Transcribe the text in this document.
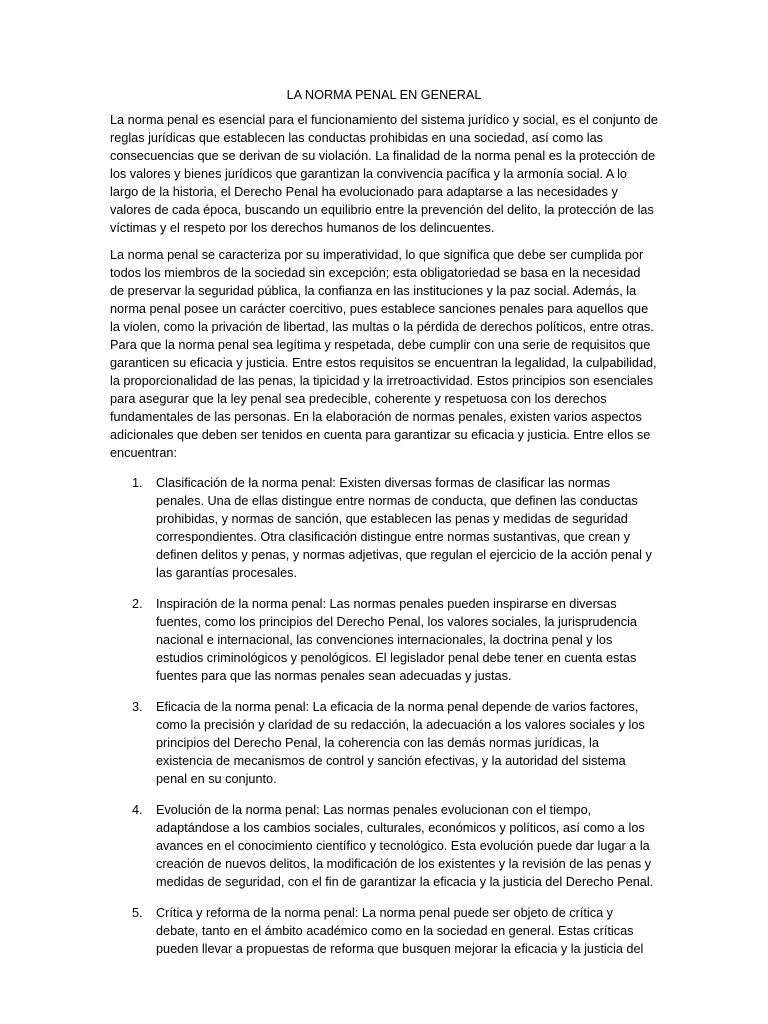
LA NORMA PENAL EN GENERAL

La norma penal es esencial para el funcionamiento del sistema jurídico y social, es el conjunto de reglas jurídicas que establecen las conductas prohibidas en una sociedad, así como las consecuencias que se derivan de su violación. La finalidad de la norma penal es la protección de los valores y bienes jurídicos que garantizan la convivencia pacífica y la armonía social. A lo largo de la historia, el Derecho Penal ha evolucionado para adaptarse a las necesidades y valores de cada época, buscando un equilibrio entre la prevención del delito, la protección de las víctimas y el respeto por los derechos humanos de los delincuentes.

La norma penal se caracteriza por su imperatividad, lo que significa que debe ser cumplida por todos los miembros de la sociedad sin excepción; esta obligatoriedad se basa en la necesidad de preservar la seguridad pública, la confianza en las instituciones y la paz social. Además, la norma penal posee un carácter coercitivo, pues establece sanciones penales para aquellos que la violen, como la privación de libertad, las multas o la pérdida de derechos políticos, entre otras. Para que la norma penal sea legítima y respetada, debe cumplir con una serie de requisitos que garanticen su eficacia y justicia. Entre estos requisitos se encuentran la legalidad, la culpabilidad, la proporcionalidad de las penas, la tipicidad y la irretroactividad. Estos principios son esenciales para asegurar que la ley penal sea predecible, coherente y respetuosa con los derechos fundamentales de las personas. En la elaboración de normas penales, existen varios aspectos adicionales que deben ser tenidos en cuenta para garantizar su eficacia y justicia. Entre ellos se encuentran:

1. Clasificación de la norma penal: Existen diversas formas de clasificar las normas penales. Una de ellas distingue entre normas de conducta, que definen las conductas prohibidas, y normas de sanción, que establecen las penas y medidas de seguridad correspondientes. Otra clasificación distingue entre normas sustantivas, que crean y definen delitos y penas, y normas adjetivas, que regulan el ejercicio de la acción penal y las garantías procesales.
2. Inspiración de la norma penal: Las normas penales pueden inspirarse en diversas fuentes, como los principios del Derecho Penal, los valores sociales, la jurisprudencia nacional e internacional, las convenciones internacionales, la doctrina penal y los estudios criminológicos y penológicos. El legislador penal debe tener en cuenta estas fuentes para que las normas penales sean adecuadas y justas.
3. Eficacia de la norma penal: La eficacia de la norma penal depende de varios factores, como la precisión y claridad de su redacción, la adecuación a los valores sociales y los principios del Derecho Penal, la coherencia con las demás normas jurídicas, la existencia de mecanismos de control y sanción efectivas, y la autoridad del sistema penal en su conjunto.
4. Evolución de la norma penal: Las normas penales evolucionan con el tiempo, adaptándose a los cambios sociales, culturales, económicos y políticos, así como a los avances en el conocimiento científico y tecnológico. Esta evolución puede dar lugar a la creación de nuevos delitos, la modificación de los existentes y la revisión de las penas y medidas de seguridad, con el fin de garantizar la eficacia y la justicia del Derecho Penal.
5. Crítica y reforma de la norma penal: La norma penal puede ser objeto de crítica y debate, tanto en el ámbito académico como en la sociedad en general. Estas críticas pueden llevar a propuestas de reforma que busquen mejorar la eficacia y la justicia del
